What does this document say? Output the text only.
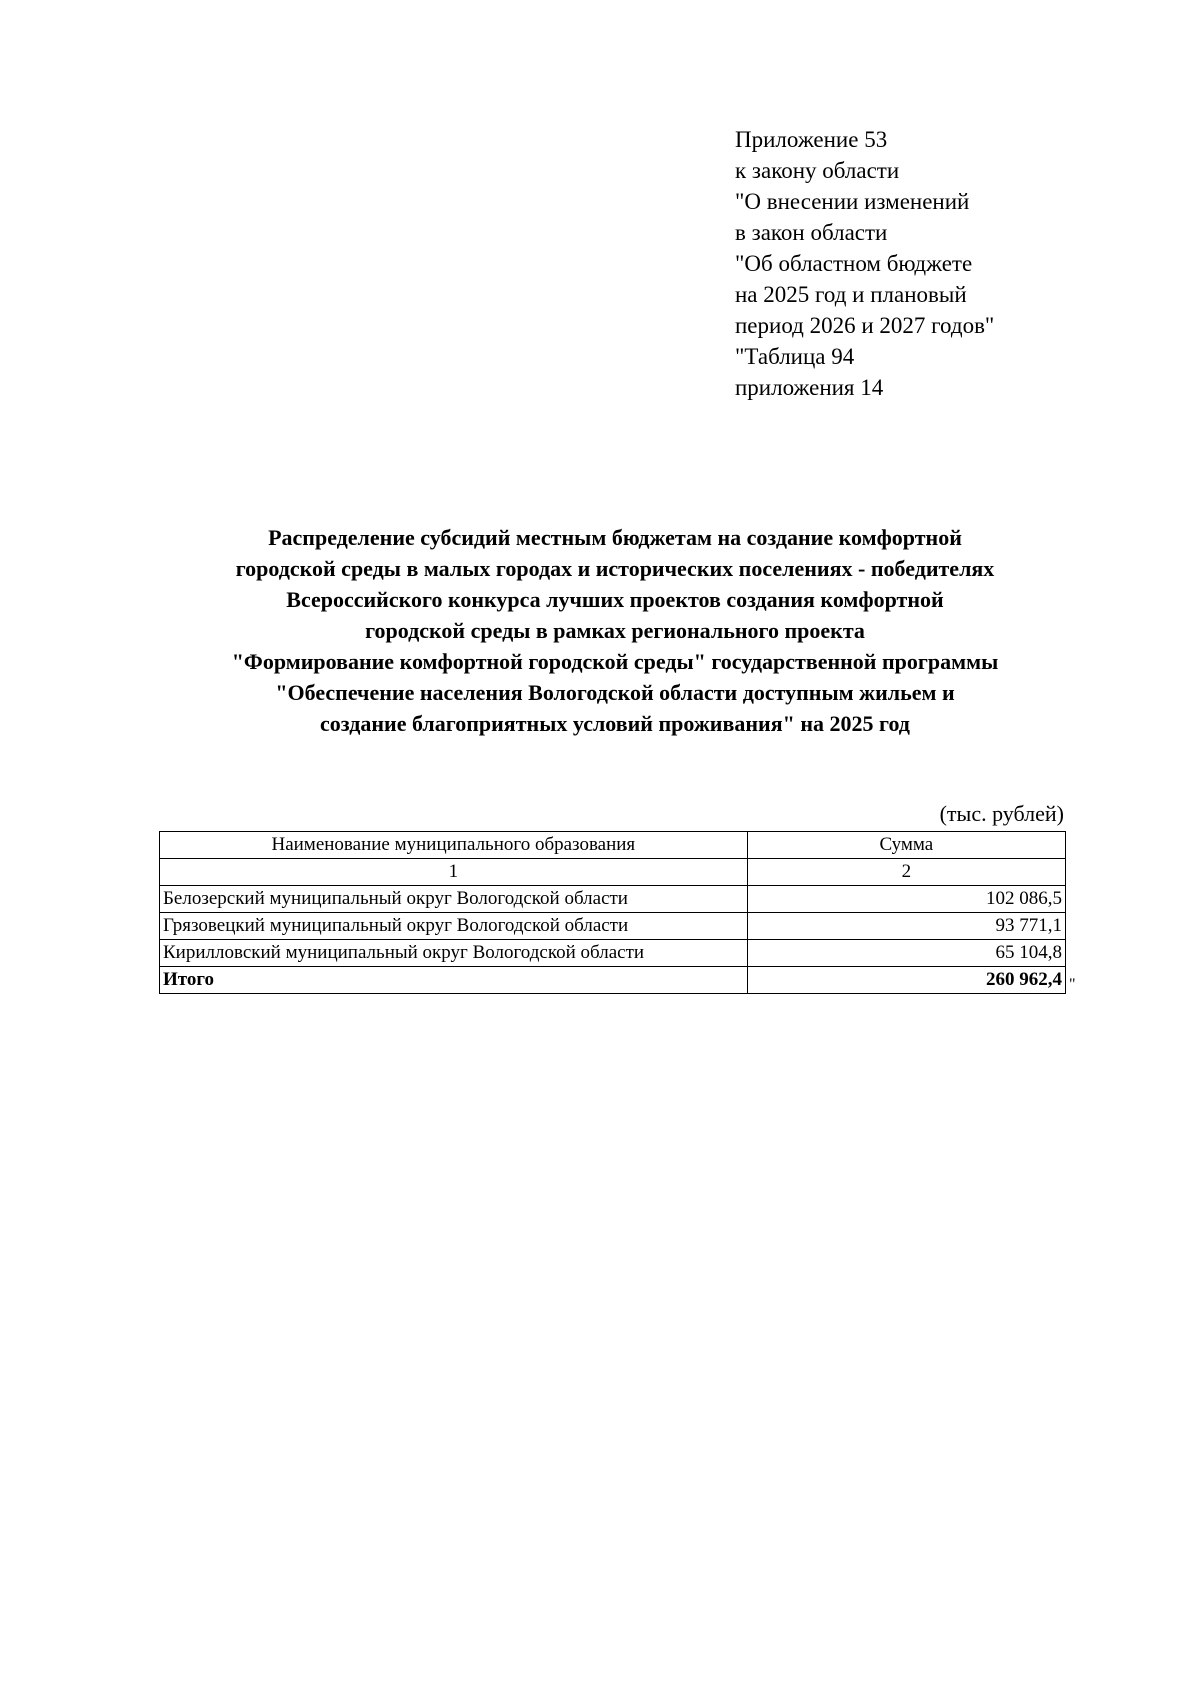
Приложение 53
к закону области
"О внесении изменений
в закон области
"Об областном бюджете
на 2025 год и плановый
период 2026 и 2027 годов"
"Таблица 94
приложения 14
Распределение субсидий местным бюджетам на создание комфортной
городской среды в малых городах и исторических поселениях - победителях
Всероссийского конкурса лучших проектов создания комфортной
городской среды в рамках регионального проекта
"Формирование комфортной городской среды" государственной программы
"Обеспечение населения Вологодской области доступным жильем и
создание благоприятных условий проживания" на 2025 год
(тыс. рублей)
Наименование муниципального образования	Сумма
1	2
Белозерский муниципальный округ Вологодской области	102 086,5
Грязовецкий муниципальный округ Вологодской области	93 771,1
Кирилловский муниципальный округ Вологодской области	65 104,8
Итого	260 962,4 "
